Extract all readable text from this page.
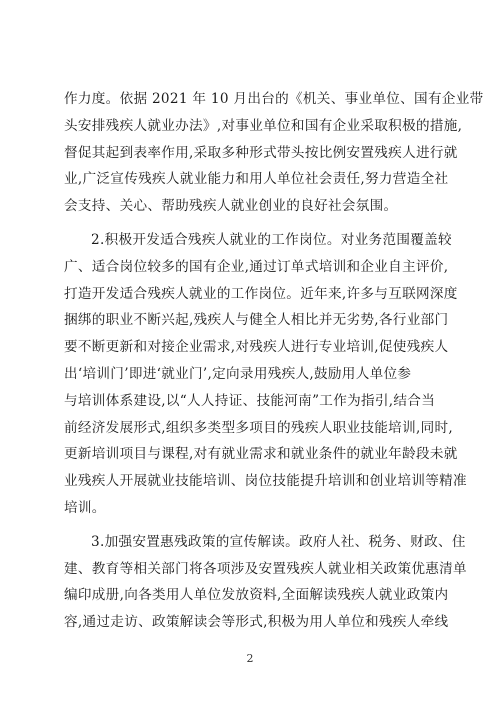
作力度。依据 2021 年 10 月出台的《机关、事业单位、国有企业带
头安排残疾人就业办法》,对事业单位和国有企业采取积极的措施,
督促其起到表率作用,采取多种形式带头按比例安置残疾人进行就
业,广泛宣传残疾人就业能力和用人单位社会责任,努力营造全社
会支持、关心、帮助残疾人就业创业的良好社会氛围。
2.积极开发适合残疾人就业的工作岗位。对业务范围覆盖较
广、适合岗位较多的国有企业,通过订单式培训和企业自主评价,
打造开发适合残疾人就业的工作岗位。近年来,许多与互联网深度
捆绑的职业不断兴起,残疾人与健全人相比并无劣势,各行业部门
要不断更新和对接企业需求,对残疾人进行专业培训,促使残疾人
出‘培训门’即进‘就业门’,定向录用残疾人,鼓励用人单位参
与培训体系建设,以“人人持证、技能河南”工作为指引,结合当
前经济发展形式,组织多类型多项目的残疾人职业技能培训,同时,
更新培训项目与课程,对有就业需求和就业条件的就业年龄段未就
业残疾人开展就业技能培训、岗位技能提升培训和创业培训等精准
培训。
3.加强安置惠残政策的宣传解读。政府人社、税务、财政、住
建、教育等相关部门将各项涉及安置残疾人就业相关政策优惠清单
编印成册,向各类用人单位发放资料,全面解读残疾人就业政策内
容,通过走访、政策解读会等形式,积极为用人单位和残疾人牵线
2
